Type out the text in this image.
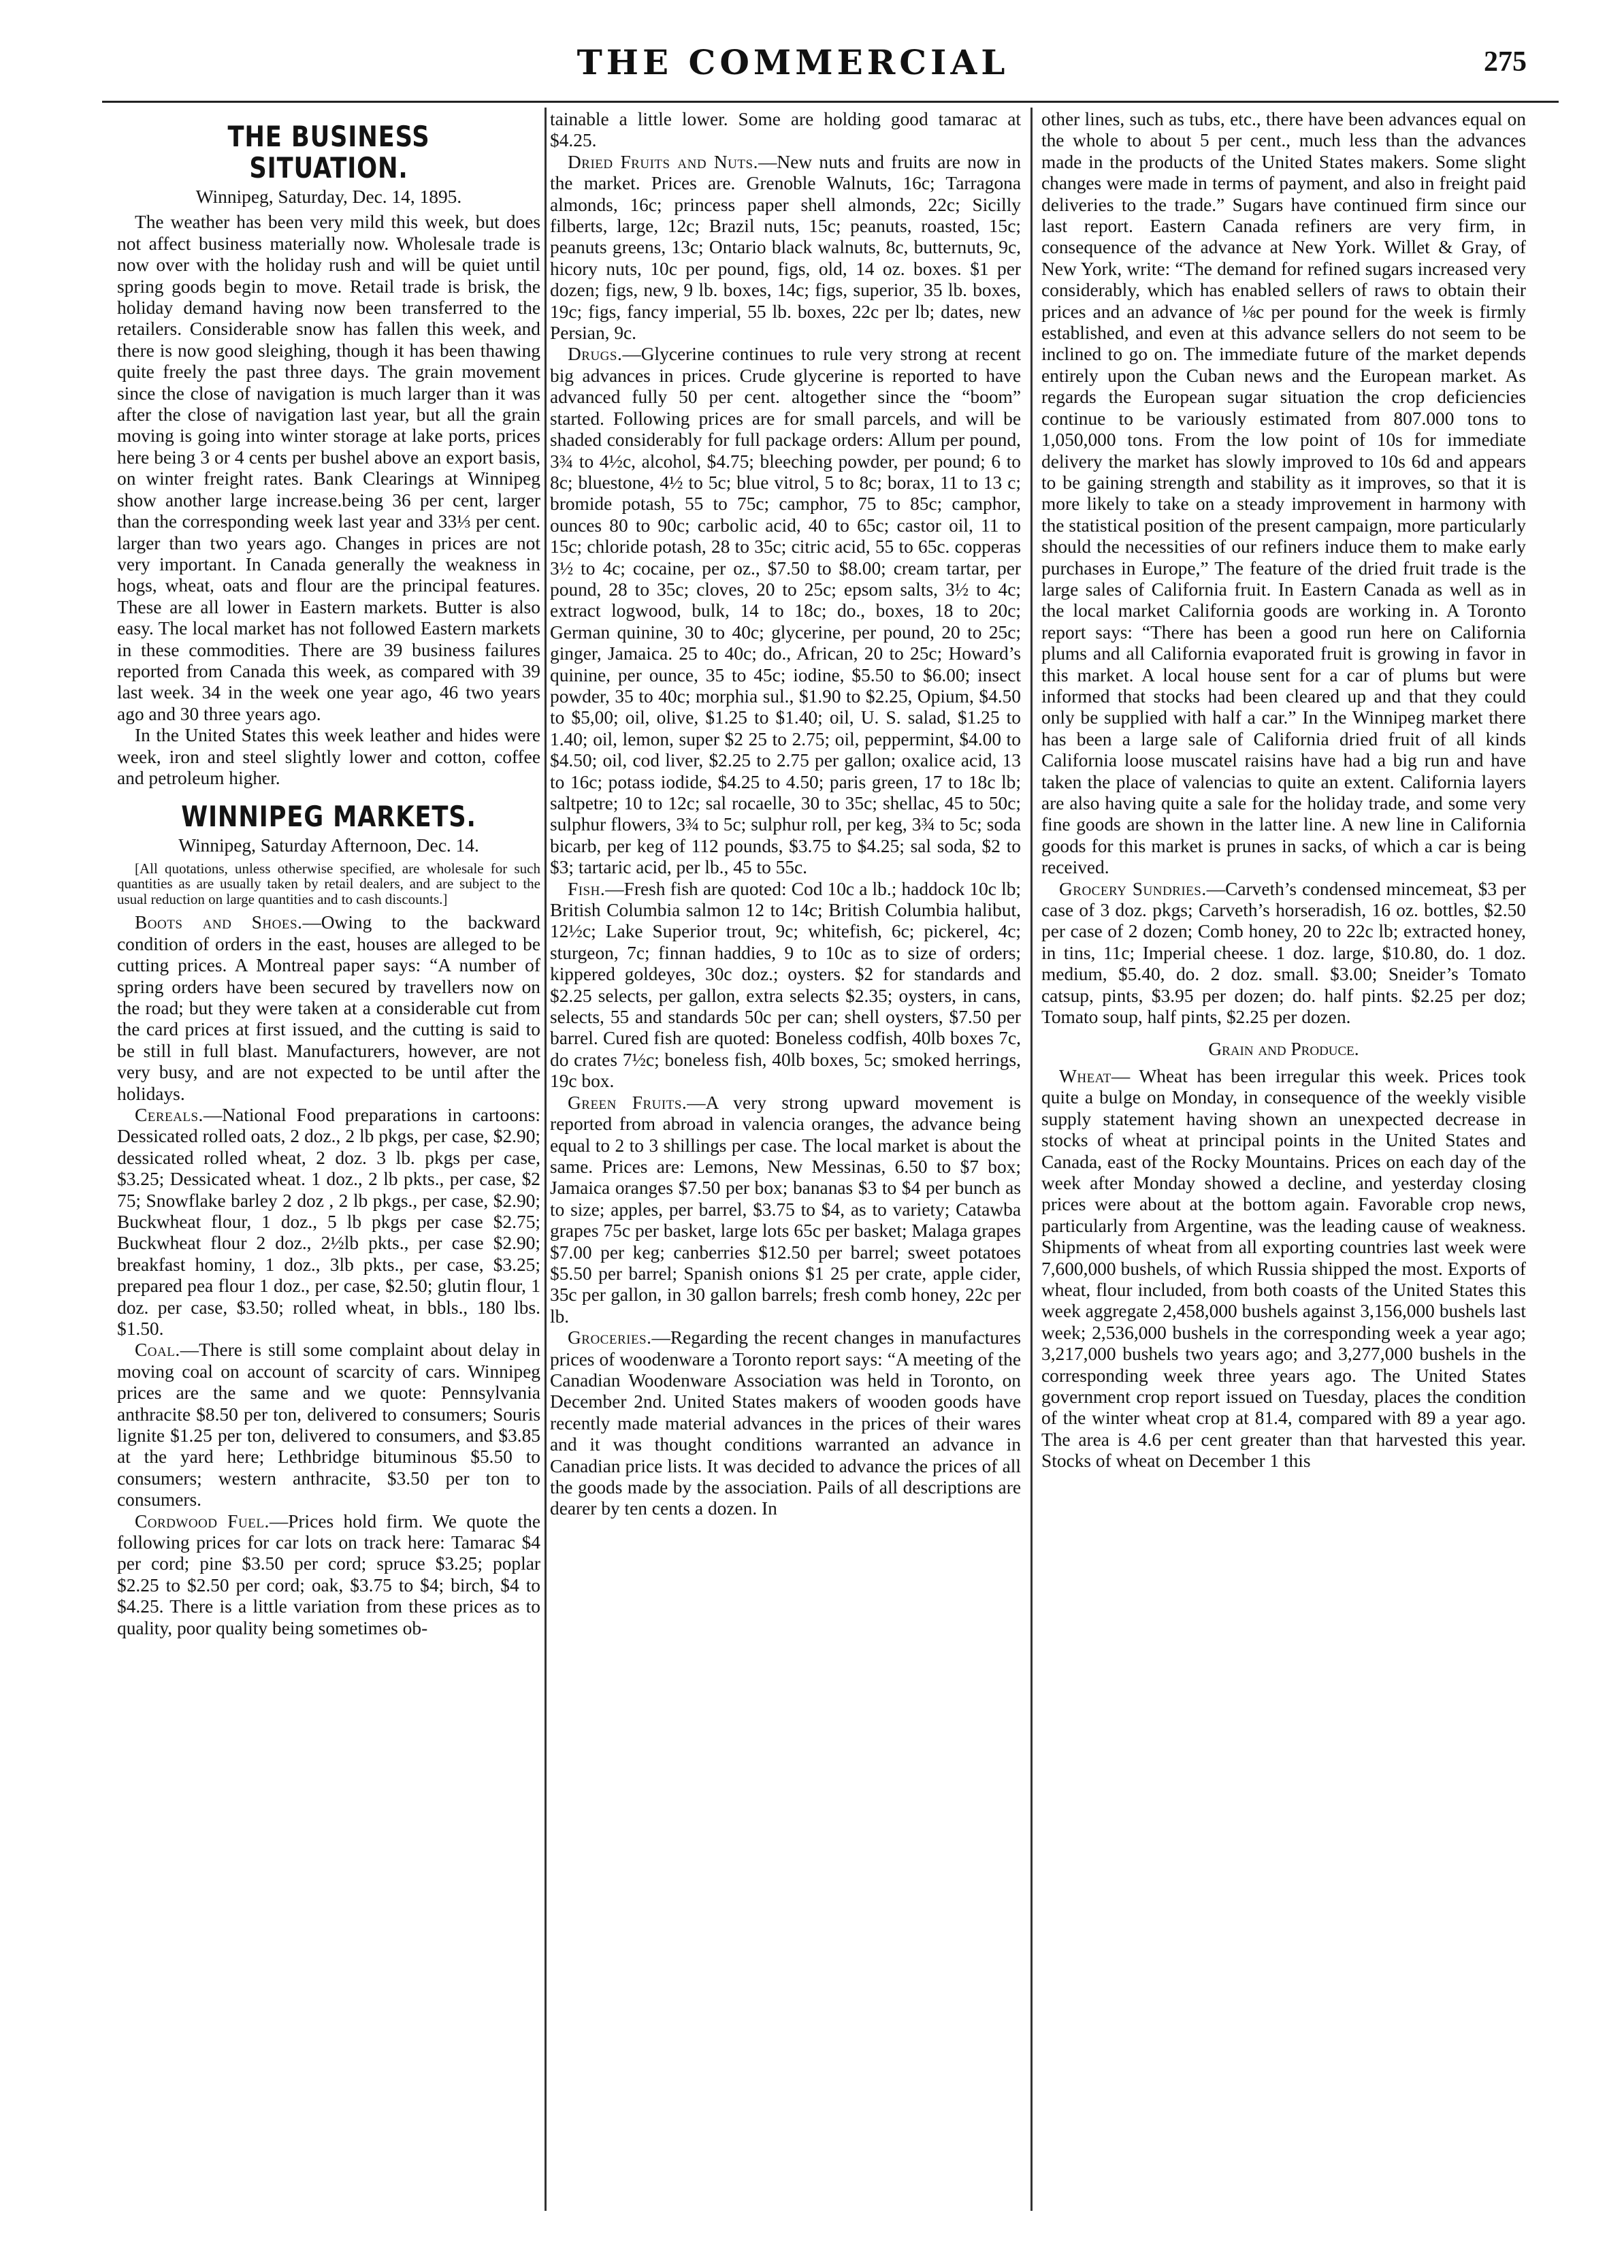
THE COMMERCIAL	275
THE BUSINESS SITUATION.
Winnipeg, Saturday, Dec. 14, 1895.

The weather has been very mild this week, but does not affect business materially now. Wholesale trade is now over with the holiday rush and will be quiet until spring goods begin to move. Retail trade is brisk, the holiday demand having now been transferred to the retailers. Considerable snow has fallen this week, and there is now good sleighing, though it has been thawing quite freely the past three days. The grain movement since the close of navigation is much larger than it was after the close of navigation last year, but all the grain moving is going into winter storage at lake ports, prices here being 3 or 4 cents per bushel above an export basis, on winter freight rates. Bank Clearings at Winnipeg show another large increase.being 36 per cent, larger than the corresponding week last year and 33⅓ per cent. larger than two years ago. Changes in prices are not very important. In Canada generally the weakness in hogs, wheat, oats and flour are the principal features. These are all lower in Eastern markets. Butter is also easy. The local market has not followed Eastern markets in these commodities. There are 39 business failures reported from Canada this week, as compared with 39 last week. 34 in the week one year ago, 46 two years ago and 30 three years ago.

In the United States this week leather and hides were week, iron and steel slightly lower and cotton, coffee and petroleum higher.

WINNIPEG MARKETS.
Winnipeg, Saturday Afternoon, Dec. 14.
[All quotations, unless otherwise specified, are wholesale for such quantities as are usually taken by retail dealers, and are subject to the usual reduction on large quantities and to cash discounts.]

Boots and Shoes.—Owing to the backward condition of orders in the east, houses are alleged to be cutting prices. A Montreal paper says: “A number of spring orders have been secured by travellers now on the road; but they were taken at a considerable cut from the card prices at first issued, and the cutting is said to be still in full blast. Manufacturers, however, are not very busy, and are not expected to be until after the holidays.

Cereals.—National Food preparations in cartoons: Dessicated rolled oats, 2 doz., 2 lb pkgs, per case, $2.90; dessicated rolled wheat, 2 doz. 3 lb. pkgs per case, $3.25; Dessicated wheat. 1 doz., 2 lb pkts., per case, $2 75; Snowflake barley 2 doz , 2 lb pkgs., per case, $2.90; Buckwheat flour, 1 doz., 5 lb pkgs per case $2.75; Buckwheat flour 2 doz., 2½lb pkts., per case $2.90; breakfast hominy, 1 doz., 3lb pkts., per case, $3.25; prepared pea flour 1 doz., per case, $2.50; glutin flour, 1 doz. per case, $3.50; rolled wheat, in bbls., 180 lbs. $1.50.

Coal.—There is still some complaint about delay in moving coal on account of scarcity of cars. Winnipeg prices are the same and we quote: Pennsylvania anthracite $8.50 per ton, delivered to consumers; Souris lignite $1.25 per ton, delivered to consumers, and $3.85 at the yard here; Lethbridge bituminous $5.50 to consumers; western anthracite, $3.50 per ton to consumers.

Cordwood Fuel.—Prices hold firm. We quote the following prices for car lots on track here: Tamarac $4 per cord; pine $3.50 per cord; spruce $3.25; poplar $2.25 to $2.50 per cord; oak, $3.75 to $4; birch, $4 to $4.25. There is a little variation from these prices as to quality, poor quality being sometimes ob-

tainable a little lower. Some are holding good tamarac at $4.25.

Dried Fruits and Nuts.—New nuts and fruits are now in the market. Prices are. Grenoble Walnuts, 16c; Tarragona almonds, 16c; princess paper shell almonds, 22c; Sicilly filberts, large, 12c; Brazil nuts, 15c; peanuts, roasted, 15c; peanuts greens, 13c; Ontario black walnuts, 8c, butternuts, 9c, hicory nuts, 10c per pound, figs, old, 14 oz. boxes. $1 per dozen; figs, new, 9 lb. boxes, 14c; figs, superior, 35 lb. boxes, 19c; figs, fancy imperial, 55 lb. boxes, 22c per lb; dates, new Persian, 9c.

Drugs.—Glycerine continues to rule very strong at recent big advances in prices. Crude glycerine is reported to have advanced fully 50 per cent. altogether since the “boom” started. Following prices are for small parcels, and will be shaded considerably for full package orders: Allum per pound, 3¾ to 4½c, alcohol, $4.75; bleeching powder, per pound; 6 to 8c; bluestone, 4½ to 5c; blue vitrol, 5 to 8c; borax, 11 to 13 c; bromide potash, 55 to 75c; camphor, 75 to 85c; camphor, ounces 80 to 90c; carbolic acid, 40 to 65c; castor oil, 11 to 15c; chloride potash, 28 to 35c; citric acid, 55 to 65c. copperas 3½ to 4c; cocaine, per oz., $7.50 to $8.00; cream tartar, per pound, 28 to 35c; cloves, 20 to 25c; epsom salts, 3½ to 4c; extract logwood, bulk, 14 to 18c; do., boxes, 18 to 20c; German quinine, 30 to 40c; glycerine, per pound, 20 to 25c; ginger, Jamaica. 25 to 40c; do., African, 20 to 25c; Howard’s quinine, per ounce, 35 to 45c; iodine, $5.50 to $6.00; insect powder, 35 to 40c; morphia sul., $1.90 to $2.25, Opium, $4.50 to $5,00; oil, olive, $1.25 to $1.40; oil, U. S. salad, $1.25 to 1.40; oil, lemon, super $2 25 to 2.75; oil, peppermint, $4.00 to $4.50; oil, cod liver, $2.25 to 2.75 per gallon; oxalice acid, 13 to 16c; potass iodide, $4.25 to 4.50; paris green, 17 to 18c lb; saltpetre; 10 to 12c; sal rocaelle, 30 to 35c; shellac, 45 to 50c; sulphur flowers, 3¾ to 5c; sulphur roll, per keg, 3¾ to 5c; soda bicarb, per keg of 112 pounds, $3.75 to $4.25; sal soda, $2 to $3; tartaric acid, per lb., 45 to 55c.

Fish.—Fresh fish are quoted: Cod 10c a lb.; haddock 10c lb; British Columbia salmon 12 to 14c; British Columbia halibut, 12½c; Lake Superior trout, 9c; whitefish, 6c; pickerel, 4c; sturgeon, 7c; finnan haddies, 9 to 10c as to size of orders; kippered goldeyes, 30c doz.; oysters. $2 for standards and $2.25 selects, per gallon, extra selects $2.35; oysters, in cans, selects, 55 and standards 50c per can; shell oysters, $7.50 per barrel. Cured fish are quoted: Boneless codfish, 40lb boxes 7c, do crates 7½c; boneless fish, 40lb boxes, 5c; smoked herrings, 19c box.

Green Fruits.—A very strong upward movement is reported from abroad in valencia oranges, the advance being equal to 2 to 3 shillings per case. The local market is about the same. Prices are: Lemons, New Messinas, 6.50 to $7 box; Jamaica oranges $7.50 per box; bananas $3 to $4 per bunch as to size; apples, per barrel, $3.75 to $4, as to variety; Catawba grapes 75c per basket, large lots 65c per basket; Malaga grapes $7.00 per keg; canberries $12.50 per barrel; sweet potatoes $5.50 per barrel; Spanish onions $1 25 per crate, apple cider, 35c per gallon, in 30 gallon barrels; fresh comb honey, 22c per lb.

Groceries.—Regarding the recent changes in manufactures prices of woodenware a Toronto report says: “A meeting of the Canadian Woodenware Association was held in Toronto, on December 2nd. United States makers of wooden goods have recently made material advances in the prices of their wares and it was thought conditions warranted an advance in Canadian price lists. It was decided to advance the prices of all the goods made by the association. Pails of all descriptions are dearer by ten cents a dozen. In

other lines, such as tubs, etc., there have been advances equal on the whole to about 5 per cent., much less than the advances made in the products of the United States makers. Some slight changes were made in terms of payment, and also in freight paid deliveries to the trade.” Sugars have continued firm since our last report. Eastern Canada refiners are very firm, in consequence of the advance at New York. Willet & Gray, of New York, write: “The demand for refined sugars increased very considerably, which has enabled sellers of raws to obtain their prices and an advance of ⅛c per pound for the week is firmly established, and even at this advance sellers do not seem to be inclined to go on. The immediate future of the market depends entirely upon the Cuban news and the European market. As regards the European sugar situation the crop deficiencies continue to be variously estimated from 807.000 tons to 1,050,000 tons. From the low point of 10s for immediate delivery the market has slowly improved to 10s 6d and appears to be gaining strength and stability as it improves, so that it is more likely to take on a steady improvement in harmony with the statistical position of the present campaign, more particularly should the necessities of our refiners induce them to make early purchases in Europe,” The feature of the dried fruit trade is the large sales of California fruit. In Eastern Canada as well as in the local market California goods are working in. A Toronto report says: “There has been a good run here on California plums and all California evaporated fruit is growing in favor in this market. A local house sent for a car of plums but were informed that stocks had been cleared up and that they could only be supplied with half a car.” In the Winnipeg market there has been a large sale of California dried fruit of all kinds California loose muscatel raisins have had a big run and have taken the place of valencias to quite an extent. California layers are also having quite a sale for the holiday trade, and some very fine goods are shown in the latter line. A new line in California goods for this market is prunes in sacks, of which a car is being received.

Grocery Sundries.—Carveth’s condensed mincemeat, $3 per case of 3 doz. pkgs; Carveth’s horseradish, 16 oz. bottles, $2.50 per case of 2 dozen; Comb honey, 20 to 22c lb; extracted honey, in tins, 11c; Imperial cheese. 1 doz. large, $10.80, do. 1 doz. medium, $5.40, do. 2 doz. small. $3.00; Sneider’s Tomato catsup, pints, $3.95 per dozen; do. half pints. $2.25 per doz; Tomato soup, half pints, $2.25 per dozen.

Grain and Produce.

Wheat— Wheat has been irregular this week. Prices took quite a bulge on Monday, in consequence of the weekly visible supply statement having shown an unexpected decrease in stocks of wheat at principal points in the United States and Canada, east of the Rocky Mountains. Prices on each day of the week after Monday showed a decline, and yesterday closing prices were about at the bottom again. Favorable crop news, particularly from Argentine, was the leading cause of weakness. Shipments of wheat from all exporting countries last week were 7,600,000 bushels, of which Russia shipped the most. Exports of wheat, flour included, from both coasts of the United States this week aggregate 2,458,000 bushels against 3,156,000 bushels last week; 2,536,000 bushels in the corresponding week a year ago; 3,217,000 bushels two years ago; and 3,277,000 bushels in the corresponding week three years ago. The United States government crop report issued on Tuesday, places the condition of the winter wheat crop at 81.4, compared with 89 a year ago. The area is 4.6 per cent greater than that harvested this year. Stocks of wheat on December 1 this
